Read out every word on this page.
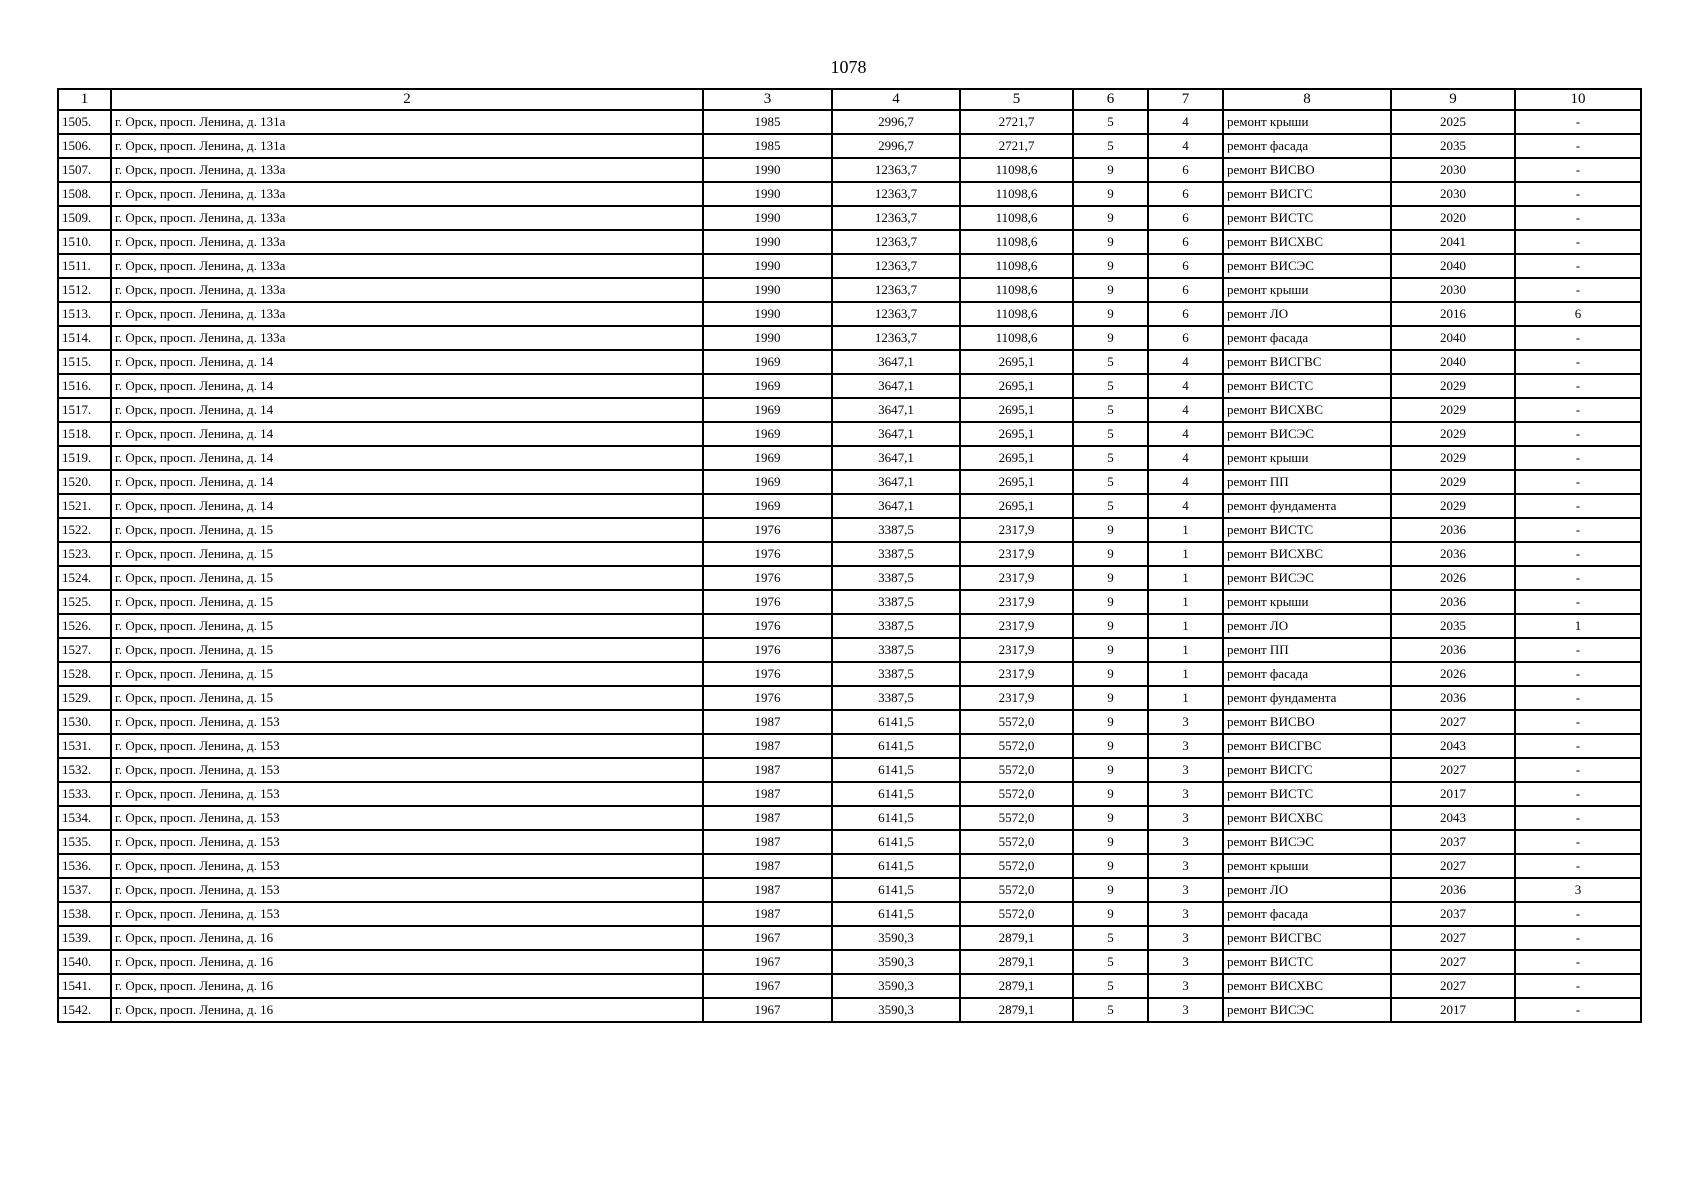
1078
1	2	3	4	5	6	7	8	9	10
1505.	г. Орск, просп. Ленина, д. 131а	1985	2996,7	2721,7	5	4	ремонт крыши	2025	-
1506.	г. Орск, просп. Ленина, д. 131а	1985	2996,7	2721,7	5	4	ремонт фасада	2035	-
1507.	г. Орск, просп. Ленина, д. 133а	1990	12363,7	11098,6	9	6	ремонт ВИСВО	2030	-
1508.	г. Орск, просп. Ленина, д. 133а	1990	12363,7	11098,6	9	6	ремонт ВИСГС	2030	-
1509.	г. Орск, просп. Ленина, д. 133а	1990	12363,7	11098,6	9	6	ремонт ВИСТС	2020	-
1510.	г. Орск, просп. Ленина, д. 133а	1990	12363,7	11098,6	9	6	ремонт ВИСХВС	2041	-
1511.	г. Орск, просп. Ленина, д. 133а	1990	12363,7	11098,6	9	6	ремонт ВИСЭС	2040	-
1512.	г. Орск, просп. Ленина, д. 133а	1990	12363,7	11098,6	9	6	ремонт крыши	2030	-
1513.	г. Орск, просп. Ленина, д. 133а	1990	12363,7	11098,6	9	6	ремонт ЛО	2016	6
1514.	г. Орск, просп. Ленина, д. 133а	1990	12363,7	11098,6	9	6	ремонт фасада	2040	-
1515.	г. Орск, просп. Ленина, д. 14	1969	3647,1	2695,1	5	4	ремонт ВИСГВС	2040	-
1516.	г. Орск, просп. Ленина, д. 14	1969	3647,1	2695,1	5	4	ремонт ВИСТС	2029	-
1517.	г. Орск, просп. Ленина, д. 14	1969	3647,1	2695,1	5	4	ремонт ВИСХВС	2029	-
1518.	г. Орск, просп. Ленина, д. 14	1969	3647,1	2695,1	5	4	ремонт ВИСЭС	2029	-
1519.	г. Орск, просп. Ленина, д. 14	1969	3647,1	2695,1	5	4	ремонт крыши	2029	-
1520.	г. Орск, просп. Ленина, д. 14	1969	3647,1	2695,1	5	4	ремонт ПП	2029	-
1521.	г. Орск, просп. Ленина, д. 14	1969	3647,1	2695,1	5	4	ремонт фундамента	2029	-
1522.	г. Орск, просп. Ленина, д. 15	1976	3387,5	2317,9	9	1	ремонт ВИСТС	2036	-
1523.	г. Орск, просп. Ленина, д. 15	1976	3387,5	2317,9	9	1	ремонт ВИСХВС	2036	-
1524.	г. Орск, просп. Ленина, д. 15	1976	3387,5	2317,9	9	1	ремонт ВИСЭС	2026	-
1525.	г. Орск, просп. Ленина, д. 15	1976	3387,5	2317,9	9	1	ремонт крыши	2036	-
1526.	г. Орск, просп. Ленина, д. 15	1976	3387,5	2317,9	9	1	ремонт ЛО	2035	1
1527.	г. Орск, просп. Ленина, д. 15	1976	3387,5	2317,9	9	1	ремонт ПП	2036	-
1528.	г. Орск, просп. Ленина, д. 15	1976	3387,5	2317,9	9	1	ремонт фасада	2026	-
1529.	г. Орск, просп. Ленина, д. 15	1976	3387,5	2317,9	9	1	ремонт фундамента	2036	-
1530.	г. Орск, просп. Ленина, д. 153	1987	6141,5	5572,0	9	3	ремонт ВИСВО	2027	-
1531.	г. Орск, просп. Ленина, д. 153	1987	6141,5	5572,0	9	3	ремонт ВИСГВС	2043	-
1532.	г. Орск, просп. Ленина, д. 153	1987	6141,5	5572,0	9	3	ремонт ВИСГС	2027	-
1533.	г. Орск, просп. Ленина, д. 153	1987	6141,5	5572,0	9	3	ремонт ВИСТС	2017	-
1534.	г. Орск, просп. Ленина, д. 153	1987	6141,5	5572,0	9	3	ремонт ВИСХВС	2043	-
1535.	г. Орск, просп. Ленина, д. 153	1987	6141,5	5572,0	9	3	ремонт ВИСЭС	2037	-
1536.	г. Орск, просп. Ленина, д. 153	1987	6141,5	5572,0	9	3	ремонт крыши	2027	-
1537.	г. Орск, просп. Ленина, д. 153	1987	6141,5	5572,0	9	3	ремонт ЛО	2036	3
1538.	г. Орск, просп. Ленина, д. 153	1987	6141,5	5572,0	9	3	ремонт фасада	2037	-
1539.	г. Орск, просп. Ленина, д. 16	1967	3590,3	2879,1	5	3	ремонт ВИСГВС	2027	-
1540.	г. Орск, просп. Ленина, д. 16	1967	3590,3	2879,1	5	3	ремонт ВИСТС	2027	-
1541.	г. Орск, просп. Ленина, д. 16	1967	3590,3	2879,1	5	3	ремонт ВИСХВС	2027	-
1542.	г. Орск, просп. Ленина, д. 16	1967	3590,3	2879,1	5	3	ремонт ВИСЭС	2017	-
